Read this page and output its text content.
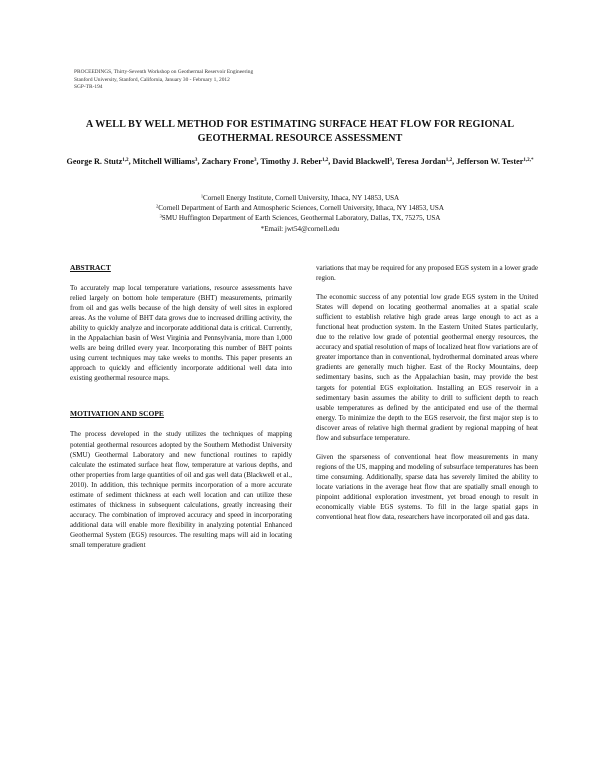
PROCEEDINGS, Thirty-Seventh Workshop on Geothermal Reservoir Engineering
Stanford University, Stanford, California, January 30 - February 1, 2012
SGP-TR-194
A WELL BY WELL METHOD FOR ESTIMATING SURFACE HEAT FLOW FOR REGIONAL
GEOTHERMAL RESOURCE ASSESSMENT
George R. Stutz$^{1,2}$, Mitchell Williams$^3$, Zachary Frone$^3$, Timothy J. Reber$^{1,2}$, David Blackwell$^3$, Teresa Jordan$^{1,2}$, Jefferson W. Tester$^{1,2,*}$
$^1$Cornell Energy Institute, Cornell University, Ithaca, NY 14853, USA
$^2$Cornell Department of Earth and Atmospheric Sciences, Cornell University, Ithaca, NY 14853, USA
$^3$SMU Huffington Department of Earth Sciences, Geothermal Laboratory, Dallas, TX, 75275, USA
*Email: jwt54@cornell.edu
ABSTRACT

To accurately map local temperature variations, resource assessments have relied largely on bottom hole temperature (BHT) measurements, primarily from oil and gas wells because of the high density of well sites in explored areas. As the volume of BHT data grows due to increased drilling activity, the ability to quickly analyze and incorporate additional data is critical. Currently, in the Appalachian basin of West Virginia and Pennsylvania, more than 1,000 wells are being drilled every year. Incorporating this number of BHT points using current techniques may take weeks to months. This paper presents an approach to quickly and efficiently incorporate additional well data into existing geothermal resource maps.

MOTIVATION AND SCOPE

The process developed in the study utilizes the techniques of mapping potential geothermal resources adopted by the Southern Methodist University (SMU) Geothermal Laboratory and new functional routines to rapidly calculate the estimated surface heat flow, temperature at various depths, and other properties from large quantities of oil and gas well data (Blackwell et al., 2010). In addition, this technique permits incorporation of a more accurate estimate of sediment thickness at each well location and can utilize these estimates of thickness in subsequent calculations, greatly increasing their accuracy. The combination of improved accuracy and speed in incorporating additional data will enable more flexibility in analyzing potential Enhanced Geothermal System (EGS) resources. The resulting maps will aid in locating small temperature gradient

variations that may be required for any proposed EGS system in a lower grade region.

The economic success of any potential low grade EGS system in the United States will depend on locating geothermal anomalies at a spatial scale sufficient to establish relative high grade areas large enough to act as a functional heat production system. In the Eastern United States particularly, due to the relative low grade of potential geothermal energy resources, the accuracy and spatial resolution of maps of localized heat flow variations are of greater importance than in conventional, hydrothermal dominated areas where gradients are generally much higher. East of the Rocky Mountains, deep sedimentary basins, such as the Appalachian basin, may provide the best targets for potential EGS exploitation. Installing an EGS reservoir in a sedimentary basin assumes the ability to drill to sufficient depth to reach usable temperatures as defined by the anticipated end use of the thermal energy. To minimize the depth to the EGS reservoir, the first major step is to discover areas of relative high thermal gradient by regional mapping of heat flow and subsurface temperature.

Given the sparseness of conventional heat flow measurements in many regions of the US, mapping and modeling of subsurface temperatures has been time consuming. Additionally, sparse data has severely limited the ability to locate variations in the average heat flow that are spatially small enough to pinpoint additional exploration investment, yet broad enough to result in economically viable EGS systems. To fill in the large spatial gaps in conventional heat flow data, researchers have incorporated oil and gas data.
